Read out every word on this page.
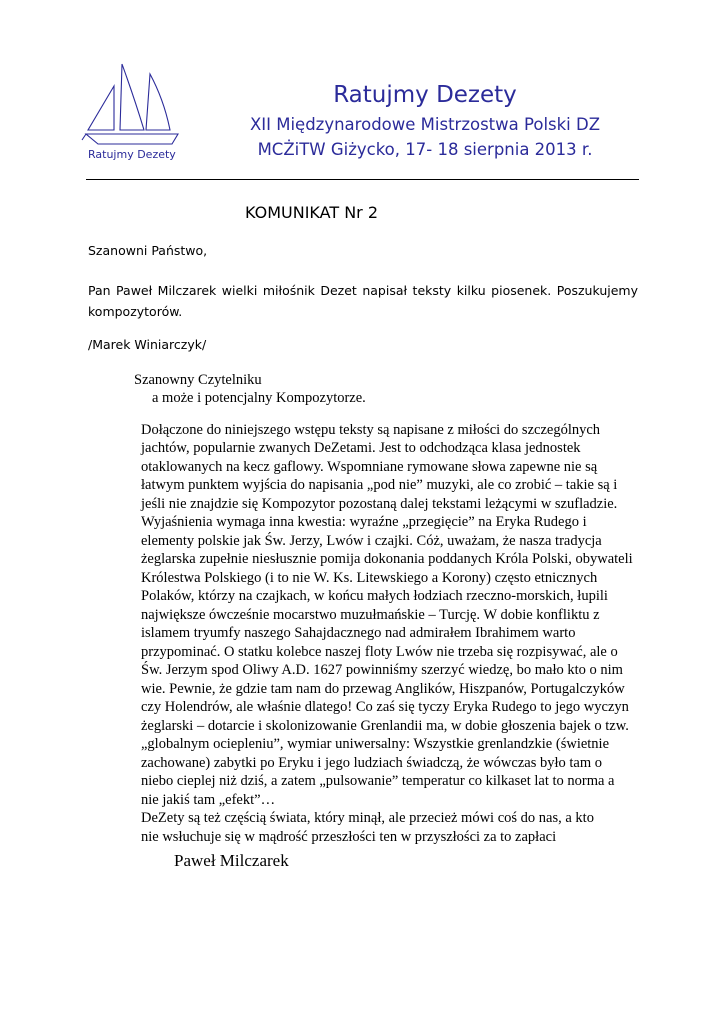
Ratujmy Dezety
Ratujmy Dezety
XII Międzynarodowe Mistrzostwa Polski DZ
MCŻiTW Giżycko, 17- 18 sierpnia 2013 r.
KOMUNIKAT Nr 2
Szanowni Państwo,
Pan Paweł Milczarek wielki miłośnik Dezet napisał teksty kilku piosenek. Poszukujemy kompozytorów.
/Marek Winiarczyk/
Szanowny Czytelniku
a może i potencjalny Kompozytorze.
Dołączone do niniejszego wstępu teksty są napisane z miłości do szczególnych
jachtów, popularnie zwanych DeZetami. Jest to odchodząca klasa jednostek
otaklowanych na kecz gaflowy. Wspomniane rymowane słowa zapewne nie są
łatwym punktem wyjścia do napisania „pod nie” muzyki, ale co zrobić – takie są i
jeśli nie znajdzie się Kompozytor pozostaną dalej tekstami leżącymi w szufladzie.
Wyjaśnienia wymaga inna kwestia: wyraźne „przegięcie” na Eryka Rudego i
elementy polskie jak Św. Jerzy, Lwów i czajki. Cóż, uważam, że nasza tradycja
żeglarska zupełnie niesłusznie pomija dokonania poddanych Króla Polski, obywateli
Królestwa Polskiego (i to nie W. Ks. Litewskiego a Korony) często etnicznych
Polaków, którzy na czajkach, w końcu małych łodziach rzeczno-morskich, łupili
największe ówcześnie mocarstwo muzułmańskie – Turcję. W dobie konfliktu z
islamem tryumfy naszego Sahajdacznego nad admirałem Ibrahimem warto
przypominać. O statku kolebce naszej floty Lwów nie trzeba się rozpisywać, ale o
Św. Jerzym spod Oliwy A.D. 1627 powinniśmy szerzyć wiedzę, bo mało kto o nim
wie. Pewnie, że gdzie tam nam do przewag Anglików, Hiszpanów, Portugalczyków
czy Holendrów, ale właśnie dlatego! Co zaś się tyczy Eryka Rudego to jego wyczyn
żeglarski – dotarcie i skolonizowanie Grenlandii ma, w dobie głoszenia bajek o tzw.
„globalnym ociepleniu”, wymiar uniwersalny: Wszystkie grenlandzkie (świetnie
zachowane) zabytki po Eryku i jego ludziach świadczą, że wówczas było tam o
niebo cieplej niż dziś, a zatem „pulsowanie” temperatur co kilkaset lat to norma a
nie jakiś tam „efekt”…
DeZety są też częścią świata, który minął, ale przecież mówi coś do nas, a kto
nie wsłuchuje się w mądrość przeszłości ten w przyszłości za to zapłaci
Paweł Milczarek
